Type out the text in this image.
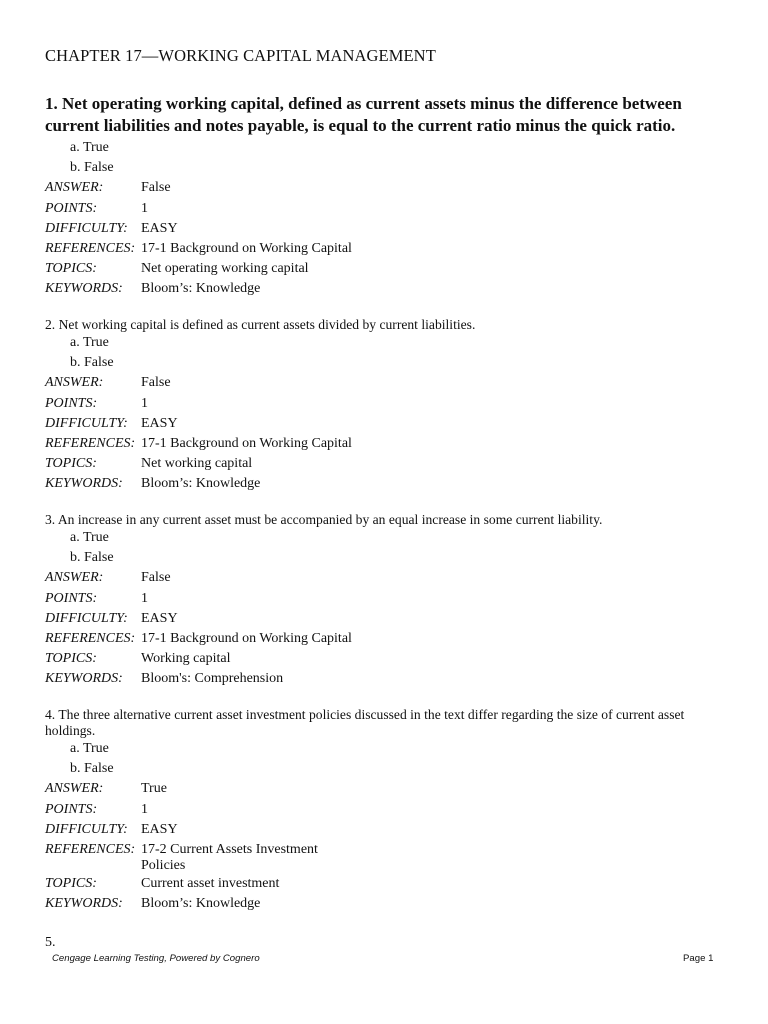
CHAPTER 17—WORKING CAPITAL MANAGEMENT
1. Net operating working capital, defined as current assets minus the difference between current liabilities and notes payable, is equal to the current ratio minus the quick ratio.
a. True
b. False
ANSWER:	False
POINTS:	1
DIFFICULTY: EASY
REFERENCES: 17-1 Background on Working Capital
TOPICS:	Net operating working capital
KEYWORDS:	Bloom’s: Knowledge

2. Net working capital is defined as current assets divided by current liabilities.

a. True
b. False
ANSWER:	False
POINTS:	1
DIFFICULTY: EASY
REFERENCES: 17-1 Background on Working Capital
TOPICS:	Net working capital
KEYWORDS:	Bloom’s: Knowledge

3. An increase in any current asset must be accompanied by an equal increase in some current liability.

a. True
b. False
ANSWER:	False
POINTS:	1
DIFFICULTY: EASY
REFERENCES: 17-1 Background on Working Capital
TOPICS:	Working capital
KEYWORDS:	Bloom's: Comprehension

4. The three alternative current asset investment policies discussed in the text differ regarding the size of current asset holdings.

a. True
b. False
ANSWER:	True
POINTS:	1
DIFFICULTY: EASY
REFERENCES: 17-2 Current Assets Investment Policies
TOPICS:	Current asset investment
KEYWORDS:	Bloom’s: Knowledge
5.
Cengage Learning Testing, Powered by Cognero	Page 1
